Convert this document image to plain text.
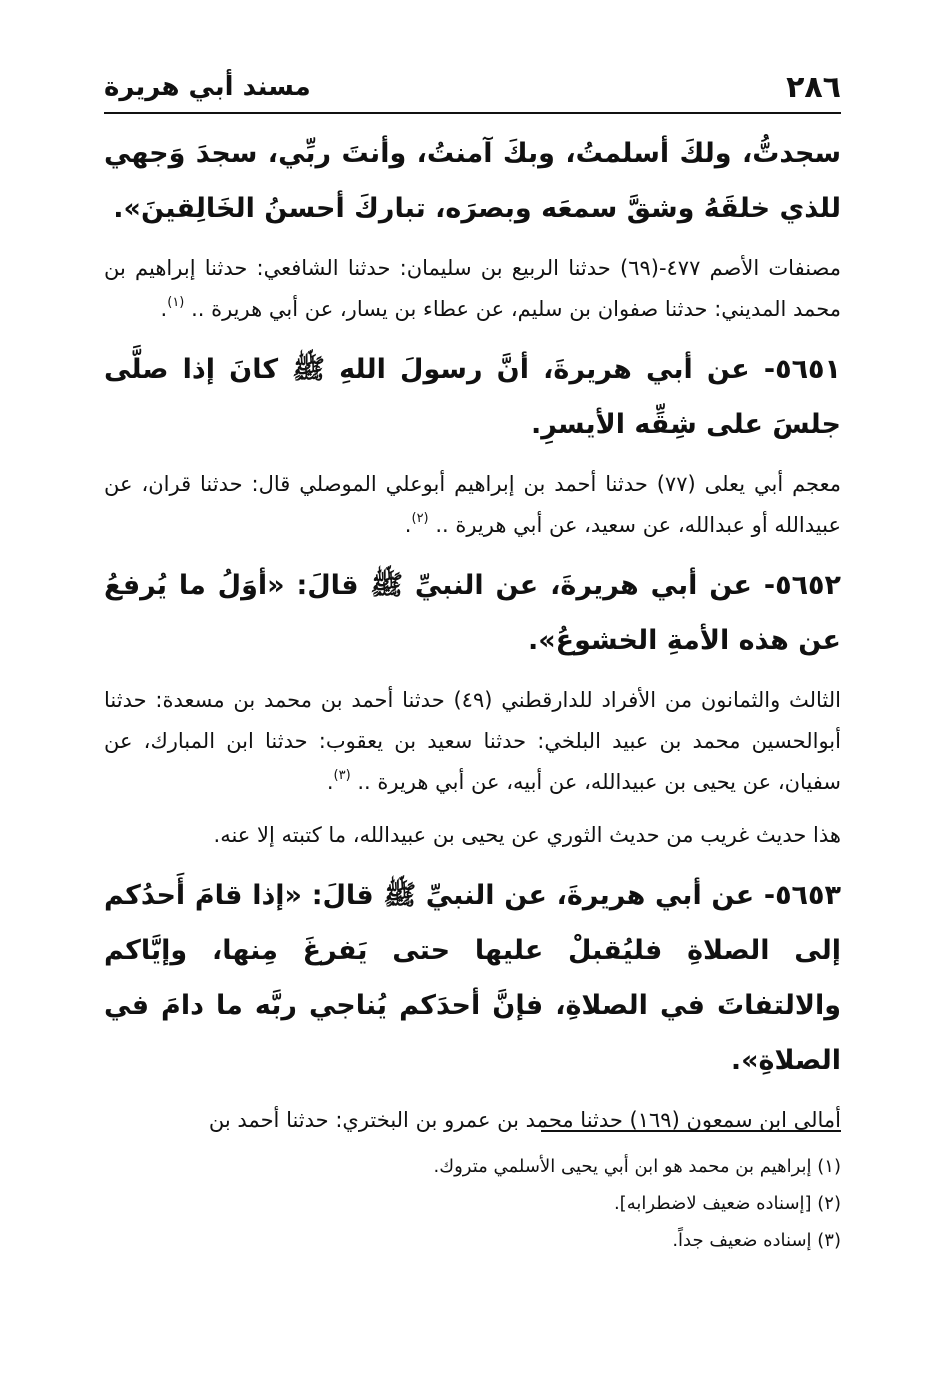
٢٨٦
مسند أبي هريرة

سجدتُّ، ولكَ أسلمتُ، وبكَ آمنتُ، وأنتَ ربِّي، سجدَ وَجهي للذي خلقَهُ وشقَّ سمعَه وبصرَه، تباركَ أحسنُ الخَالِقينَ».

مصنفات الأصم ٤٧٧-(٦٩) حدثنا الربيع بن سليمان: حدثنا الشافعي: حدثنا إبراهيم بن محمد المديني: حدثنا صفوان بن سليم، عن عطاء بن يسار، عن أبي هريرة .. $^{(١)}$.

٥٦٥١- عن أبي هريرةَ، أنَّ رسولَ اللهِ ﷺ كانَ إذا صلَّى جلسَ على شِقِّه الأيسرِ.

معجم أبي يعلى (٧٧) حدثنا أحمد بن إبراهيم أبوعلي الموصلي قال: حدثنا قران، عن عبيدالله أو عبدالله، عن سعيد، عن أبي هريرة .. $^{(٢)}$.

٥٦٥٢- عن أبي هريرةَ، عن النبيِّ ﷺ قالَ: «أوَلُ ما يُرفعُ عن هذه الأمةِ الخشوعُ».

الثالث والثمانون من الأفراد للدارقطني (٤٩) حدثنا أحمد بن محمد بن مسعدة: حدثنا أبوالحسين محمد بن عبيد البلخي: حدثنا سعيد بن يعقوب: حدثنا ابن المبارك، عن سفيان، عن يحيى بن عبيدالله، عن أبيه، عن أبي هريرة .. $^{(٣)}$.

هذا حديث غريب من حديث الثوري عن يحيى بن عبيدالله، ما كتبته إلا عنه.

٥٦٥٣- عن أبي هريرةَ، عن النبيِّ ﷺ قالَ: «إذا قامَ أَحدُكم إلى الصلاةِ فليُقبلْ عليها حتى يَفرغَ مِنها، وإيَّاكم والالتفاتَ في الصلاةِ، فإنَّ أحدَكم يُناجي ربَّه ما دامَ في الصلاةِ».

أمالي ابن سمعون (١٦٩) حدثنا محمد بن عمرو بن البختري: حدثنا أحمد بن

(١) إبراهيم بن محمد هو ابن أبي يحيى الأسلمي متروك.

(٢) [إسناده ضعيف لاضطرابه].

(٣) إسناده ضعيف جداً.
